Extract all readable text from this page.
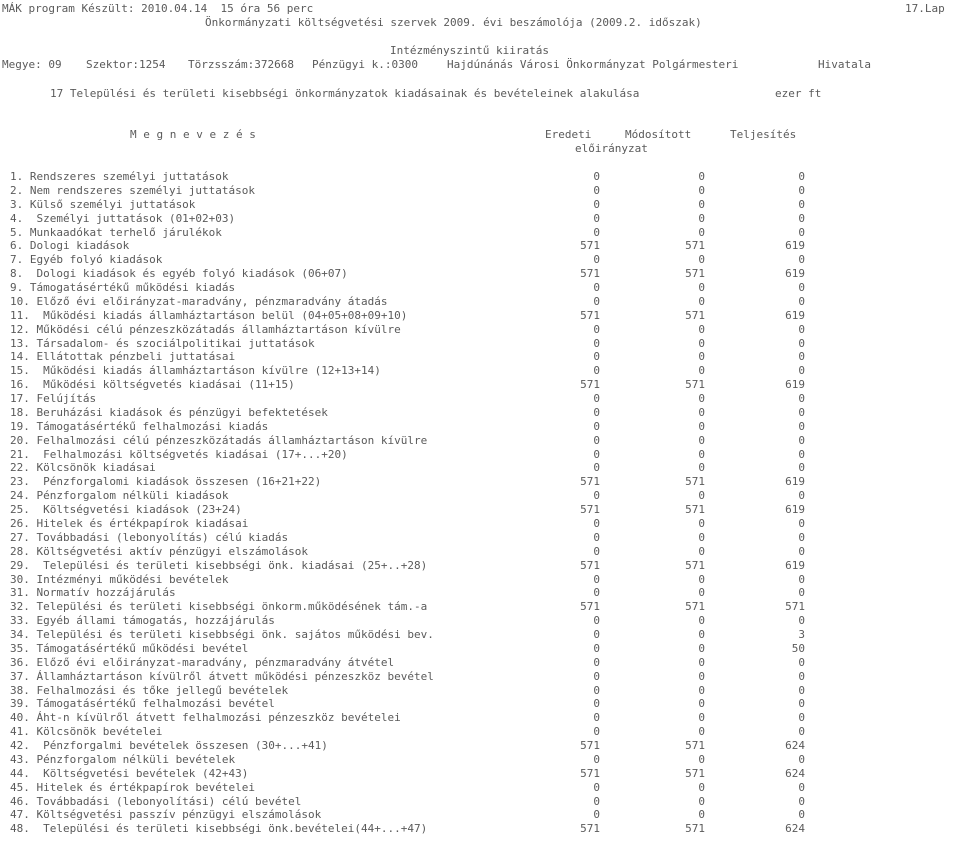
MÁK program Készült: 2010.04.14  15 óra 56 perc	17.Lap
Önkormányzati költségvetési szervek 2009. évi beszámolója (2009.2. időszak)
Intézményszintű kiiratás
Megye: 09 Szektor:1254 Törzsszám:372668 Pénzügyi k.:0300	Hajdúnánás Városi Önkormányzat Polgármesteri	Hivatala
17 Települési és területi kisebbségi önkormányzatok kiadásainak és bevételeinek alakulása	ezer ft
M e g n e v e z é s	Eredeti	Módosított	Teljesítés
előirányzat
1. Rendszeres személyi juttatások	0	0	0
2. Nem rendszeres személyi juttatások	0	0	0
3. Külső személyi juttatások	0	0	0
4.  Személyi juttatások (01+02+03)	0	0	0
5. Munkaadókat terhelő járulékok	0	0	0
6. Dologi kiadások	571	571	619
7. Egyéb folyó kiadások	0	0	0
8.  Dologi kiadások és egyéb folyó kiadások (06+07)	571	571	619
9. Támogatásértékű működési kiadás	0	0	0
10. Előző évi előirányzat-maradvány, pénzmaradvány átadás	0	0	0
11.  Működési kiadás államháztartáson belül (04+05+08+09+10)	571	571	619
12. Működési célú pénzeszközátadás államháztartáson kívülre	0	0	0
13. Társadalom- és szociálpolitikai juttatások	0	0	0
14. Ellátottak pénzbeli juttatásai	0	0	0
15.  Működési kiadás államháztartáson kívülre (12+13+14)	0	0	0
16.  Működési költségvetés kiadásai (11+15)	571	571	619
17. Felújítás	0	0	0
18. Beruházási kiadások és pénzügyi befektetések	0	0	0
19. Támogatásértékű felhalmozási kiadás	0	0	0
20. Felhalmozási célú pénzeszközátadás államháztartáson kívülre	0	0	0
21.  Felhalmozási költségvetés kiadásai (17+...+20)	0	0	0
22. Kölcsönök kiadásai	0	0	0
23.  Pénzforgalomi kiadások összesen (16+21+22)	571	571	619
24. Pénzforgalom nélküli kiadások	0	0	0
25.  Költségvetési kiadások (23+24)	571	571	619
26. Hitelek és értékpapírok kiadásai	0	0	0
27. Továbbadási (lebonyolítás) célú kiadás	0	0	0
28. Költségvetési aktív pénzügyi elszámolások	0	0	0
29.  Települési és területi kisebbségi önk. kiadásai (25+..+28)	571	571	619
30. Intézményi működési bevételek	0	0	0
31. Normatív hozzájárulás	0	0	0
32. Települési és területi kisebbségi önkorm.működésének tám.-a	571	571	571
33. Egyéb állami támogatás, hozzájárulás	0	0	0
34. Települési és területi kisebbségi önk. sajátos működési bev.	0	0	3
35. Támogatásértékű működési bevétel	0	0	50
36. Előző évi előirányzat-maradvány, pénzmaradvány átvétel	0	0	0
37. Államháztartáson kívülről átvett működési pénzeszköz bevétel	0	0	0
38. Felhalmozási és tőke jellegű bevételek	0	0	0
39. Támogatásértékű felhalmozási bevétel	0	0	0
40. Áht-n kívülről átvett felhalmozási pénzeszköz bevételei	0	0	0
41. Kölcsönök bevételei	0	0	0
42.  Pénzforgalmi bevételek összesen (30+...+41)	571	571	624
43. Pénzforgalom nélküli bevételek	0	0	0
44.  Költségvetési bevételek (42+43)	571	571	624
45. Hitelek és értékpapírok bevételei	0	0	0
46. Továbbadási (lebonyolítási) célú bevétel	0	0	0
47. Költségvetési passzív pénzügyi elszámolások	0	0	0
48.  Települési és területi kisebbségi önk.bevételei(44+...+47)	571	571	624
